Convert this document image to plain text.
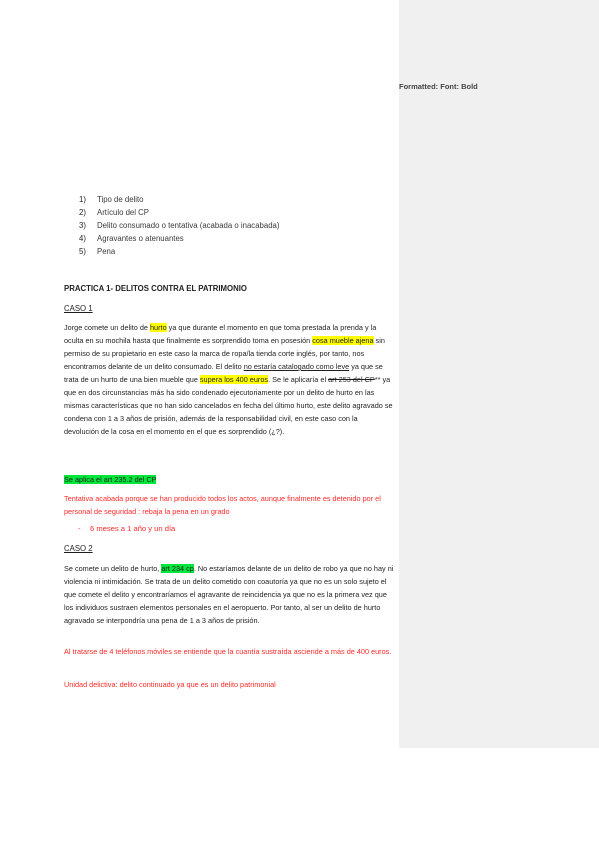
1)	Tipo de delito
2)	Artículo del CP
3)	Delito consumado o tentativa (acabada o inacabada)
4)	Agravantes o atenuantes
5)	Pena
PRACTICA 1- DELITOS CONTRA EL PATRIMONIO
CASO 1
Jorge comete un delito de hurto ya que durante el momento en que toma prestada la prenda y la oculta en su mochila hasta que finalmente es sorprendido toma en posesión cosa mueble ajena sin permiso de su propietario en este caso la marca de ropa/la tienda corte inglés, por tanto, nos encontramos delante de un delito consumado. El delito no estaría catalogado como leve ya que se trata de un hurto de una bien mueble que supera los 400 euros. Se le aplicaría el art 253 del CP** ya que en dos circunstancias más ha sido condenado ejecutoriamente por un delito de hurto en las mismas características que no han sido cancelados en fecha del último hurto, este delito agravado se condena con 1 a 3 años de prisión, además de la responsabilidad civil, en este caso con la devolución de la cosa en el momento en el que es sorprendido (¿?).
Se aplica el art 235.2 del CP
Tentativa acabada porque se han producido todos los actos, aunque finalmente es detenido por el personal de seguridad : rebaja la pena en un grado
-	6 meses a 1 año y un día
CASO 2
Se comete un delito de hurto, art 234 cp. No estaríamos delante de un delito de robo ya que no hay ni violencia ni intimidación. Se trata de un delito cometido con coautoría ya que no es un solo sujeto el que comete el delito y encontraríamos el agravante de reincidencia ya que no es la primera vez que los individuos sustraen elementos personales en el aeropuerto. Por tanto, al ser un delito de hurto agravado se interpondría una pena de 1 a 3 años de prisión.
Al tratarse de 4 teléfonos móviles se entiende que la cuantía sustraída asciende a más de 400 euros.
Unidad delictiva: delito continuado ya que es un delito patrimonial
Formatted: Font: Bold
